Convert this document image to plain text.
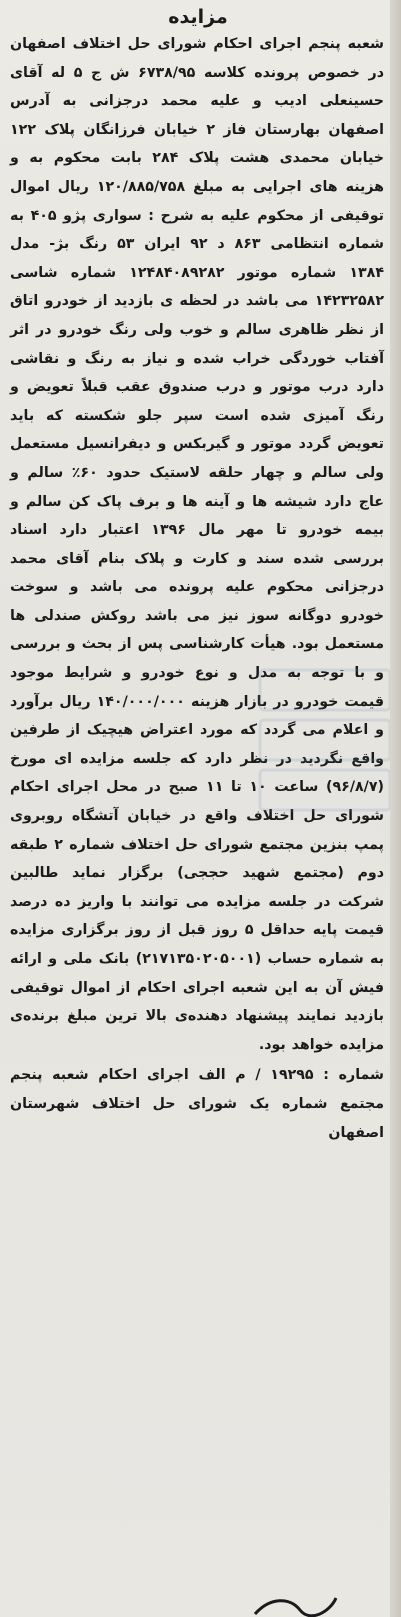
مزایده

شعبه پنجم اجرای احکام شورای حل اختلاف اصفهان در خصوص پرونده کلاسه ۶۷۳۸/۹۵ ش ج ۵ له آقای حسینعلی ادیب و علیه محمد درجزانی به آدرس اصفهان بهارستان فاز ۲ خیابان فرزانگان پلاک ۱۲۲ خیابان محمدی هشت پلاک ۲۸۴ بابت محکوم به و هزینه های اجرایی به مبلغ ۱۲۰/۸۸۵/۷۵۸ ریال اموال توقیفی از محکوم علیه به شرح : سواری پژو ۴۰۵ به شماره انتظامی ۸۶۳ د ۹۲ ایران ۵۳ رنگ بژ- مدل ۱۳۸۴ شماره موتور ۱۲۴۸۴۰۸۹۲۸۲ شماره شاسی ۱۴۲۳۲۵۸۲ می باشد در لحظه ی بازدید از خودرو اتاق از نظر ظاهری سالم و خوب ولی رنگ خودرو در اثر آفتاب خوردگی خراب شده و نیاز به رنگ و نقاشی دارد درب موتور و درب صندوق عقب قبلاً تعویض و رنگ آمیزی شده است سپر جلو شکسته که باید تعویض گردد موتور و گیربکس و دیفرانسیل مستعمل ولی سالم و چهار حلقه لاستیک حدود ۶۰٪ سالم و عاج دارد شیشه ها و آینه ها و برف پاک کن سالم و بیمه خودرو تا مهر مال ۱۳۹۶ اعتبار دارد اسناد بررسی شده سند و کارت و پلاک بنام آقای محمد درجزانی محکوم علیه پرونده می باشد و سوخت خودرو دوگانه سوز نیز می باشد روکش صندلی ها مستعمل بود. هیأت کارشناسی پس از بحث و بررسی و با توجه به مدل و نوع خودرو و شرایط موجود قیمت خودرو در بازار هزینه ۱۴۰/۰۰۰/۰۰۰ ریال برآورد و اعلام می گردد که مورد اعتراض هیچیک از طرفین واقع نگردید در نظر دارد که جلسه مزایده ای مورخ (۹۶/۸/۷) ساعت ۱۰ تا ۱۱ صبح در محل اجرای احکام شورای حل اختلاف واقع در خیابان آتشگاه روبروی پمپ بنزین مجتمع شورای حل اختلاف شماره ۲ طبقه دوم (مجتمع شهید حججی) برگزار نماید طالبین شرکت در جلسه مزایده می توانند با واریز ده درصد قیمت پایه حداقل ۵ روز قبل از روز برگزاری مزایده به شماره حساب (۲۱۷۱۳۵۰۲۰۵۰۰۱) بانک ملی و ارائه فیش آن به این شعبه اجرای احکام از اموال توقیفی بازدید نمایند پیشنهاد دهنده‌ی بالا ترین مبلغ برنده‌ی مزایده خواهد بود.

شماره : ۱۹۲۹۵ / م الف اجرای احکام شعبه پنجم مجتمع شماره یک شورای حل اختلاف شهرستان اصفهان
